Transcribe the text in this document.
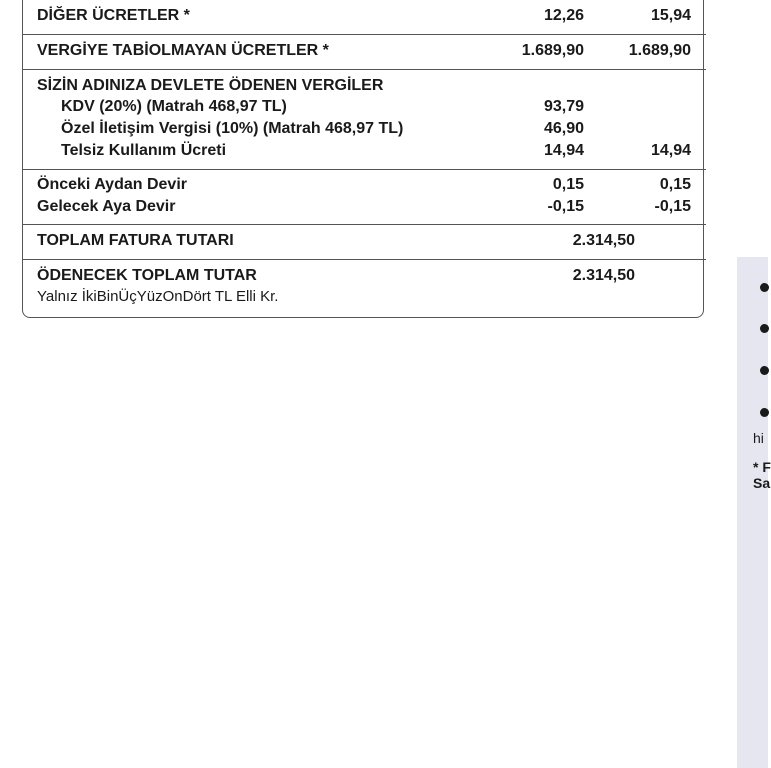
DİĞER ÜCRETLER *	12,26	15,94
VERGİYE TABİOLMAYAN ÜCRETLER *	1.689,90	1.689,90
SİZİN ADINIZA DEVLETE ÖDENEN VERGİLER
KDV (20%) (Matrah 468,97 TL)	93,79
Özel İletişim Vergisi (10%) (Matrah 468,97 TL)	46,90
Telsiz Kullanım Ücreti	14,94	14,94
Önceki Aydan Devir	0,15	0,15
Gelecek Aya Devir	-0,15	-0,15
TOPLAM FATURA TUTARI	2.314,50
ÖDENECEK TOPLAM TUTAR	2.314,50
Yalnız İkiBinÜçYüzOnDört TL Elli Kr.
hi
* F
Sa
